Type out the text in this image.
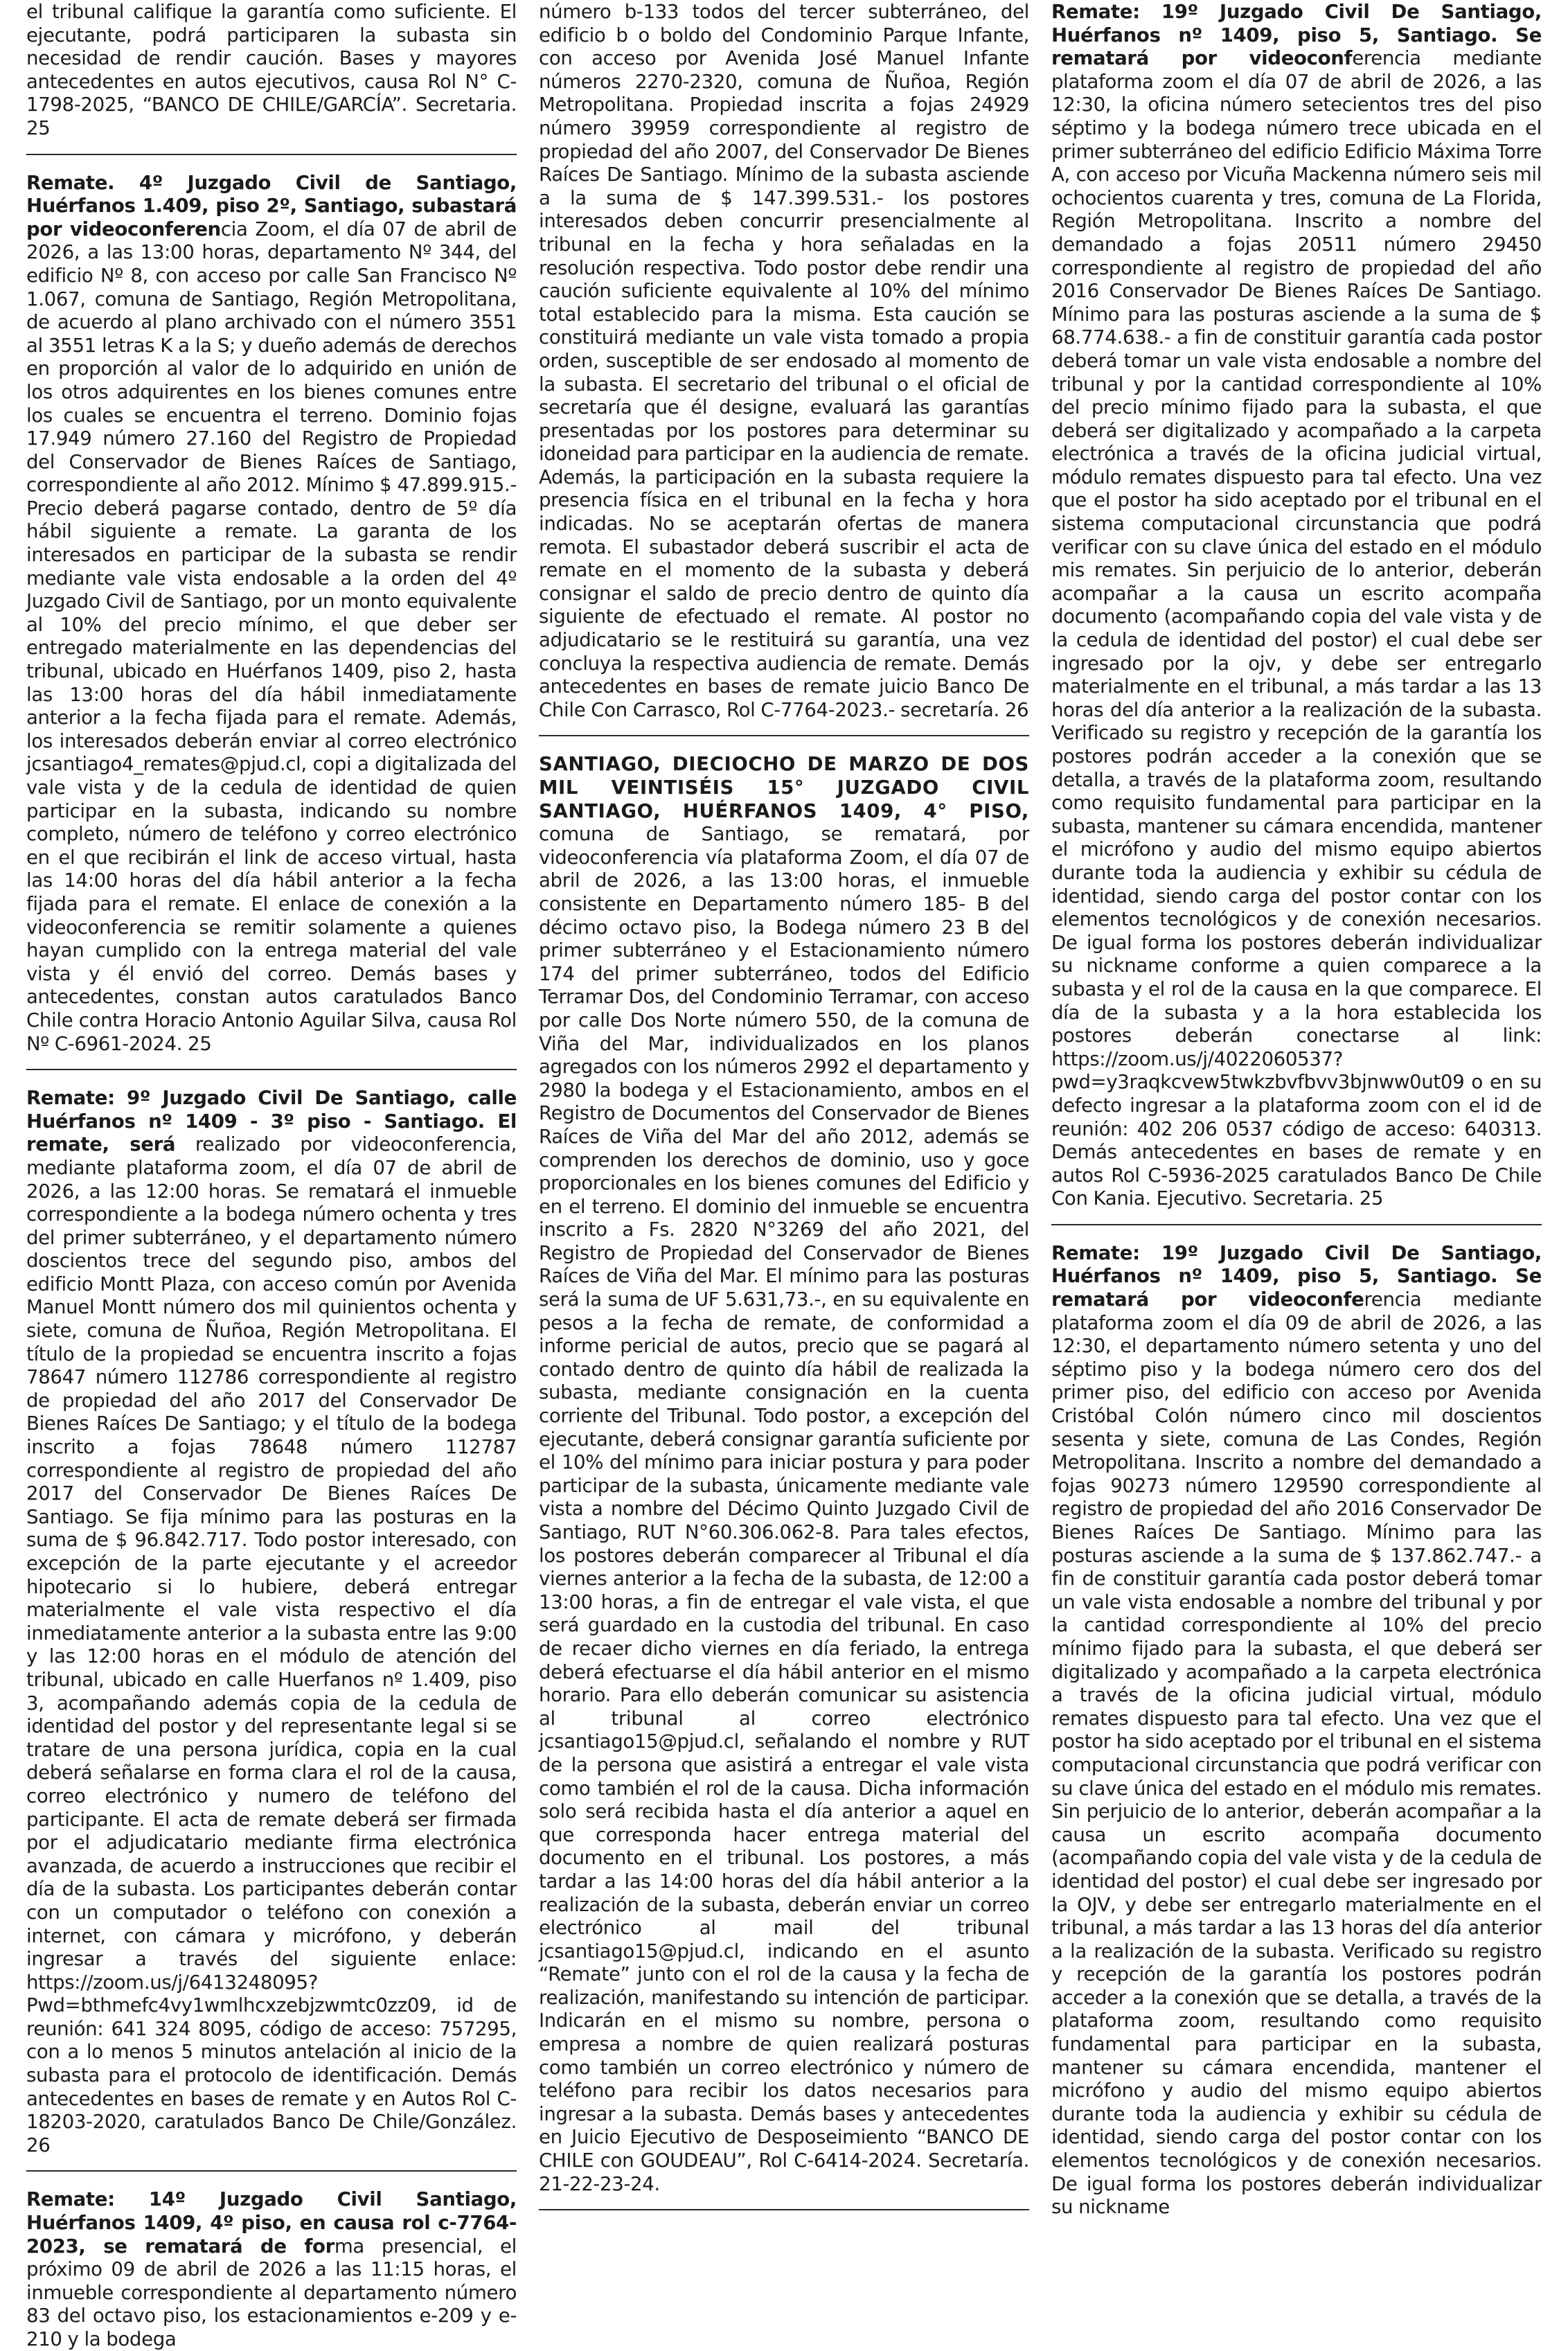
el tribunal califique la garantía como suficiente. El ejecutante, podrá participaren la subasta sin necesidad de rendir caución. Bases y mayores antecedentes en autos ejecutivos, causa Rol N° C-1798-2025, “BANCO DE CHILE/GARCÍA”. Secretaria. 25

Remate. 4º Juzgado Civil de Santiago, Huérfanos 1.409, piso 2º, Santiago, subastará por videoconferencia Zoom, el día 07 de abril de 2026, a las 13:00 horas, departamento Nº 344, del edificio Nº 8, con acceso por calle San Francisco Nº 1.067, comuna de Santiago, Región Metropolitana, de acuerdo al plano archivado con el número 3551 al 3551 letras K a la S; y dueño además de derechos en proporción al valor de lo adquirido en unión de los otros adquirentes en los bienes comunes entre los cuales se encuentra el terreno. Dominio fojas 17.949 número 27.160 del Registro de Propiedad del Conservador de Bienes Raíces de Santiago, correspondiente al año 2012. Mínimo $ 47.899.915.- Precio deberá pagarse contado, dentro de 5º día hábil siguiente a remate. La garanta de los interesados en participar de la subasta se rendir mediante vale vista endosable a la orden del 4º Juzgado Civil de Santiago, por un monto equivalente al 10% del precio mínimo, el que deber ser entregado materialmente en las dependencias del tribunal, ubicado en Huérfanos 1409, piso 2, hasta las 13:00 horas del día hábil inmediatamente anterior a la fecha fijada para el remate. Además, los interesados deberán enviar al correo electrónico jcsantiago4_remates@pjud.cl, copi a digitalizada del vale vista y de la cedula de identidad de quien participar en la subasta, indicando su nombre completo, número de teléfono y correo electrónico en el que recibirán el link de acceso virtual, hasta las 14:00 horas del día hábil anterior a la fecha fijada para el remate. El enlace de conexión a la videoconferencia se remitir solamente a quienes hayan cumplido con la entrega material del vale vista y él envió del correo. Demás bases y antecedentes, constan autos caratulados Banco Chile contra Horacio Antonio Aguilar Silva, causa Rol Nº C-6961-2024. 25

Remate: 9º Juzgado Civil De Santiago, calle Huérfanos nº 1409 - 3º piso - Santiago. El remate, será realizado por videoconferencia, mediante plataforma zoom, el día 07 de abril de 2026, a las 12:00 horas. Se rematará el inmueble correspondiente a la bodega número ochenta y tres del primer subterráneo, y el departamento número doscientos trece del segundo piso, ambos del edificio Montt Plaza, con acceso común por Avenida Manuel Montt número dos mil quinientos ochenta y siete, comuna de Ñuñoa, Región Metropolitana. El título de la propiedad se encuentra inscrito a fojas 78647 número 112786 correspondiente al registro de propiedad del año 2017 del Conservador De Bienes Raíces De Santiago; y el título de la bodega inscrito a fojas 78648 número 112787 correspondiente al registro de propiedad del año 2017 del Conservador De Bienes Raíces De Santiago. Se fija mínimo para las posturas en la suma de $ 96.842.717. Todo postor interesado, con excepción de la parte ejecutante y el acreedor hipotecario si lo hubiere, deberá entregar materialmente el vale vista respectivo el día inmediatamente anterior a la subasta entre las 9:00 y las 12:00 horas en el módulo de atención del tribunal, ubicado en calle Huerfanos nº 1.409, piso 3, acompañando además copia de la cedula de identidad del postor y del representante legal si se tratare de una persona jurídica, copia en la cual deberá señalarse en forma clara el rol de la causa, correo electrónico y numero de teléfono del participante. El acta de remate deberá ser firmada por el adjudicatario mediante firma electrónica avanzada, de acuerdo a instrucciones que recibir el día de la subasta. Los participantes deberán contar con un computador o teléfono con conexión a internet, con cámara y micrófono, y deberán ingresar a través del siguiente enlace: https://zoom.us/j/6413248095?Pwd=bthmefc4vy1wmlhcxzebjzwmtc0zz09, id de reunión: 641 324 8095, código de acceso: 757295, con a lo menos 5 minutos antelación al inicio de la subasta para el protocolo de identificación. Demás antecedentes en bases de remate y en Autos Rol C-18203-2020, caratulados Banco De Chile/González. 26

Remate: 14º Juzgado Civil Santiago, Huérfanos 1409, 4º piso, en causa rol c-7764-2023, se rematará de forma presencial, el próximo 09 de abril de 2026 a las 11:15 horas, el inmueble correspondiente al departamento número 83 del octavo piso, los estacionamientos e-209 y e-210 y la bodega

número b-133 todos del tercer subterráneo, del edificio b o boldo del Condominio Parque Infante, con acceso por Avenida José Manuel Infante números 2270-2320, comuna de Ñuñoa, Región Metropolitana. Propiedad inscrita a fojas 24929 número 39959 correspondiente al registro de propiedad del año 2007, del Conservador De Bienes Raíces De Santiago. Mínimo de la subasta asciende a la suma de $ 147.399.531.- los postores interesados deben concurrir presencialmente al tribunal en la fecha y hora señaladas en la resolución respectiva. Todo postor debe rendir una caución suficiente equivalente al 10% del mínimo total establecido para la misma. Esta caución se constituirá mediante un vale vista tomado a propia orden, susceptible de ser endosado al momento de la subasta. El secretario del tribunal o el oficial de secretaría que él designe, evaluará las garantías presentadas por los postores para determinar su idoneidad para participar en la audiencia de remate. Además, la participación en la subasta requiere la presencia física en el tribunal en la fecha y hora indicadas. No se aceptarán ofertas de manera remota. El subastador deberá suscribir el acta de remate en el momento de la subasta y deberá consignar el saldo de precio dentro de quinto día siguiente de efectuado el remate. Al postor no adjudicatario se le restituirá su garantía, una vez concluya la respectiva audiencia de remate. Demás antecedentes en bases de remate juicio Banco De Chile Con Carrasco, Rol C-7764-2023.- secretaría. 26

SANTIAGO, DIECIOCHO DE MARZO DE DOS MIL VEINTISÉIS 15° JUZGADO CIVIL SANTIAGO, HUÉRFANOS 1409, 4° PISO, comuna de Santiago, se rematará, por videoconferencia vía plataforma Zoom, el día 07 de abril de 2026, a las 13:00 horas, el inmueble consistente en Departamento número 185- B del décimo octavo piso, la Bodega número 23 B del primer subterráneo y el Estacionamiento número 174 del primer subterráneo, todos del Edificio Terramar Dos, del Condominio Terramar, con acceso por calle Dos Norte número 550, de la comuna de Viña del Mar, individualizados en los planos agregados con los números 2992 el departamento y 2980 la bodega y el Estacionamiento, ambos en el Registro de Documentos del Conservador de Bienes Raíces de Viña del Mar del año 2012, además se comprenden los derechos de dominio, uso y goce proporcionales en los bienes comunes del Edificio y en el terreno. El dominio del inmueble se encuentra inscrito a Fs. 2820 N°3269 del año 2021, del Registro de Propiedad del Conservador de Bienes Raíces de Viña del Mar. El mínimo para las posturas será la suma de UF 5.631,73.-, en su equivalente en pesos a la fecha de remate, de conformidad a informe pericial de autos, precio que se pagará al contado dentro de quinto día hábil de realizada la subasta, mediante consignación en la cuenta corriente del Tribunal. Todo postor, a excepción del ejecutante, deberá consignar garantía suficiente por el 10% del mínimo para iniciar postura y para poder participar de la subasta, únicamente mediante vale vista a nombre del Décimo Quinto Juzgado Civil de Santiago, RUT N°60.306.062-8. Para tales efectos, los postores deberán comparecer al Tribunal el día viernes anterior a la fecha de la subasta, de 12:00 a 13:00 horas, a fin de entregar el vale vista, el que será guardado en la custodia del tribunal. En caso de recaer dicho viernes en día feriado, la entrega deberá efectuarse el día hábil anterior en el mismo horario. Para ello deberán comunicar su asistencia al tribunal al correo electrónico jcsantiago15@pjud.cl, señalando el nombre y RUT de la persona que asistirá a entregar el vale vista como también el rol de la causa. Dicha información solo será recibida hasta el día anterior a aquel en que corresponda hacer entrega material del documento en el tribunal. Los postores, a más tardar a las 14:00 horas del día hábil anterior a la realización de la subasta, deberán enviar un correo electrónico al mail del tribunal jcsantiago15@pjud.cl, indicando en el asunto “Remate” junto con el rol de la causa y la fecha de realización, manifestando su intención de participar. Indicarán en el mismo su nombre, persona o empresa a nombre de quien realizará posturas como también un correo electrónico y número de teléfono para recibir los datos necesarios para ingresar a la subasta. Demás bases y antecedentes en Juicio Ejecutivo de Desposeimiento “BANCO DE CHILE con GOUDEAU”, Rol C-6414-2024. Secretaría. 21-22-23-24.

Remate: 19º Juzgado Civil De Santiago, Huérfanos nº 1409, piso 5, Santiago. Se rematará por videoconferencia mediante plataforma zoom el día 07 de abril de 2026, a las 12:30, la oficina número setecientos tres del piso séptimo y la bodega número trece ubicada en el primer subterráneo del edificio Edificio Máxima Torre A, con acceso por Vicuña Mackenna número seis mil ochocientos cuarenta y tres, comuna de La Florida, Región Metropolitana. Inscrito a nombre del demandado a fojas 20511 número 29450 correspondiente al registro de propiedad del año 2016 Conservador De Bienes Raíces De Santiago. Mínimo para las posturas asciende a la suma de $ 68.774.638.- a fin de constituir garantía cada postor deberá tomar un vale vista endosable a nombre del tribunal y por la cantidad correspondiente al 10% del precio mínimo fijado para la subasta, el que deberá ser digitalizado y acompañado a la carpeta electrónica a través de la oficina judicial virtual, módulo remates dispuesto para tal efecto. Una vez que el postor ha sido aceptado por el tribunal en el sistema computacional circunstancia que podrá verificar con su clave única del estado en el módulo mis remates. Sin perjuicio de lo anterior, deberán acompañar a la causa un escrito acompaña documento (acompañando copia del vale vista y de la cedula de identidad del postor) el cual debe ser ingresado por la ojv, y debe ser entregarlo materialmente en el tribunal, a más tardar a las 13 horas del día anterior a la realización de la subasta. Verificado su registro y recepción de la garantía los postores podrán acceder a la conexión que se detalla, a través de la plataforma zoom, resultando como requisito fundamental para participar en la subasta, mantener su cámara encendida, mantener el micrófono y audio del mismo equipo abiertos durante toda la audiencia y exhibir su cédula de identidad, siendo carga del postor contar con los elementos tecnológicos y de conexión necesarios. De igual forma los postores deberán individualizar su nickname conforme a quien comparece a la subasta y el rol de la causa en la que comparece. El día de la subasta y a la hora establecida los postores deberán conectarse al link: https://zoom.us/j/4022060537?pwd=y3raqkcvew5twkzbvfbvv3bjnww0ut09 o en su defecto ingresar a la plataforma zoom con el id de reunión: 402 206 0537 código de acceso: 640313. Demás antecedentes en bases de remate y en autos Rol C-5936-2025 caratulados Banco De Chile Con Kania. Ejecutivo. Secretaria. 25

Remate: 19º Juzgado Civil De Santiago, Huérfanos nº 1409, piso 5, Santiago. Se rematará por videoconferencia mediante plataforma zoom el día 09 de abril de 2026, a las 12:30, el departamento número setenta y uno del séptimo piso y la bodega número cero dos del primer piso, del edificio con acceso por Avenida Cristóbal Colón número cinco mil doscientos sesenta y siete, comuna de Las Condes, Región Metropolitana. Inscrito a nombre del demandado a fojas 90273 número 129590 correspondiente al registro de propiedad del año 2016 Conservador De Bienes Raíces De Santiago. Mínimo para las posturas asciende a la suma de $ 137.862.747.- a fin de constituir garantía cada postor deberá tomar un vale vista endosable a nombre del tribunal y por la cantidad correspondiente al 10% del precio mínimo fijado para la subasta, el que deberá ser digitalizado y acompañado a la carpeta electrónica a través de la oficina judicial virtual, módulo remates dispuesto para tal efecto. Una vez que el postor ha sido aceptado por el tribunal en el sistema computacional circunstancia que podrá verificar con su clave única del estado en el módulo mis remates. Sin perjuicio de lo anterior, deberán acompañar a la causa un escrito acompaña documento (acompañando copia del vale vista y de la cedula de identidad del postor) el cual debe ser ingresado por la OJV, y debe ser entregarlo materialmente en el tribunal, a más tardar a las 13 horas del día anterior a la realización de la subasta. Verificado su registro y recepción de la garantía los postores podrán acceder a la conexión que se detalla, a través de la plataforma zoom, resultando como requisito fundamental para participar en la subasta, mantener su cámara encendida, mantener el micrófono y audio del mismo equipo abiertos durante toda la audiencia y exhibir su cédula de identidad, siendo carga del postor contar con los elementos tecnológicos y de conexión necesarios. De igual forma los postores deberán individualizar su nickname
